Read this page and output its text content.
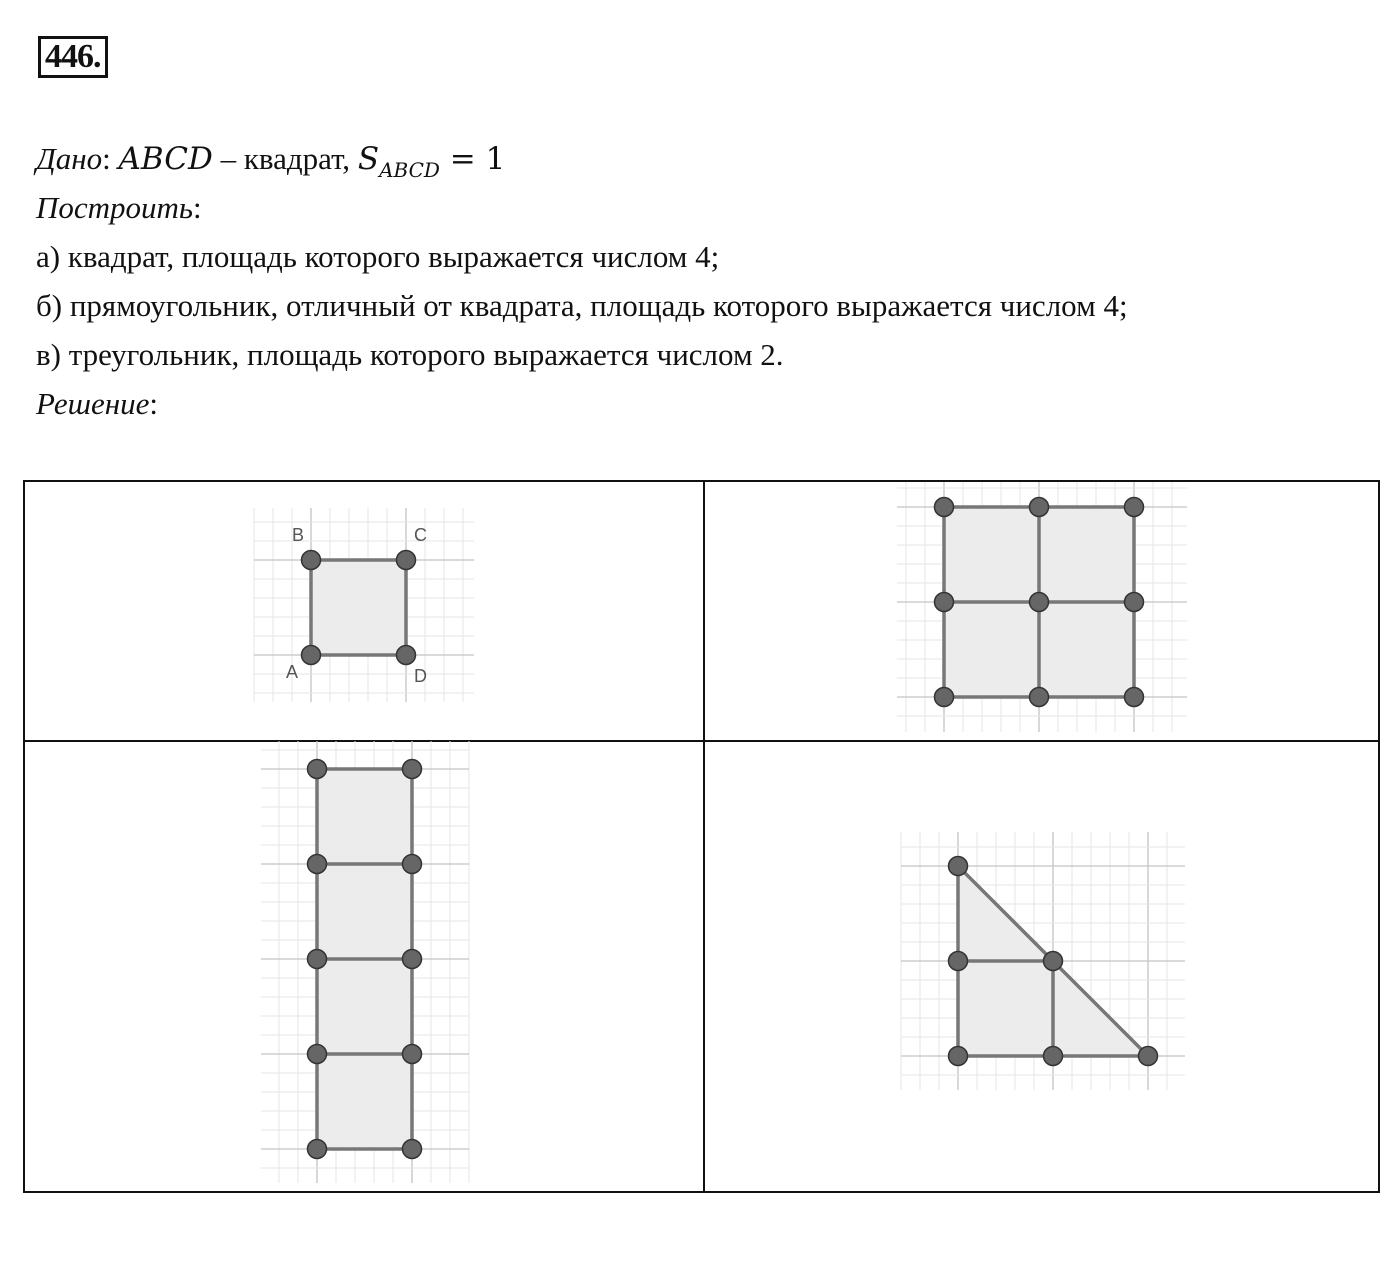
446.
Дано: ABCD – квадрат, $S_{ABCD} = 1$
Построить:
а) квадрат, площадь которого выражается числом 4;
б) прямоугольник, отличный от квадрата, площадь которого выражается числом 4;
в) треугольник, площадь которого выражается числом 2.
Решение:
B	C
A	D
